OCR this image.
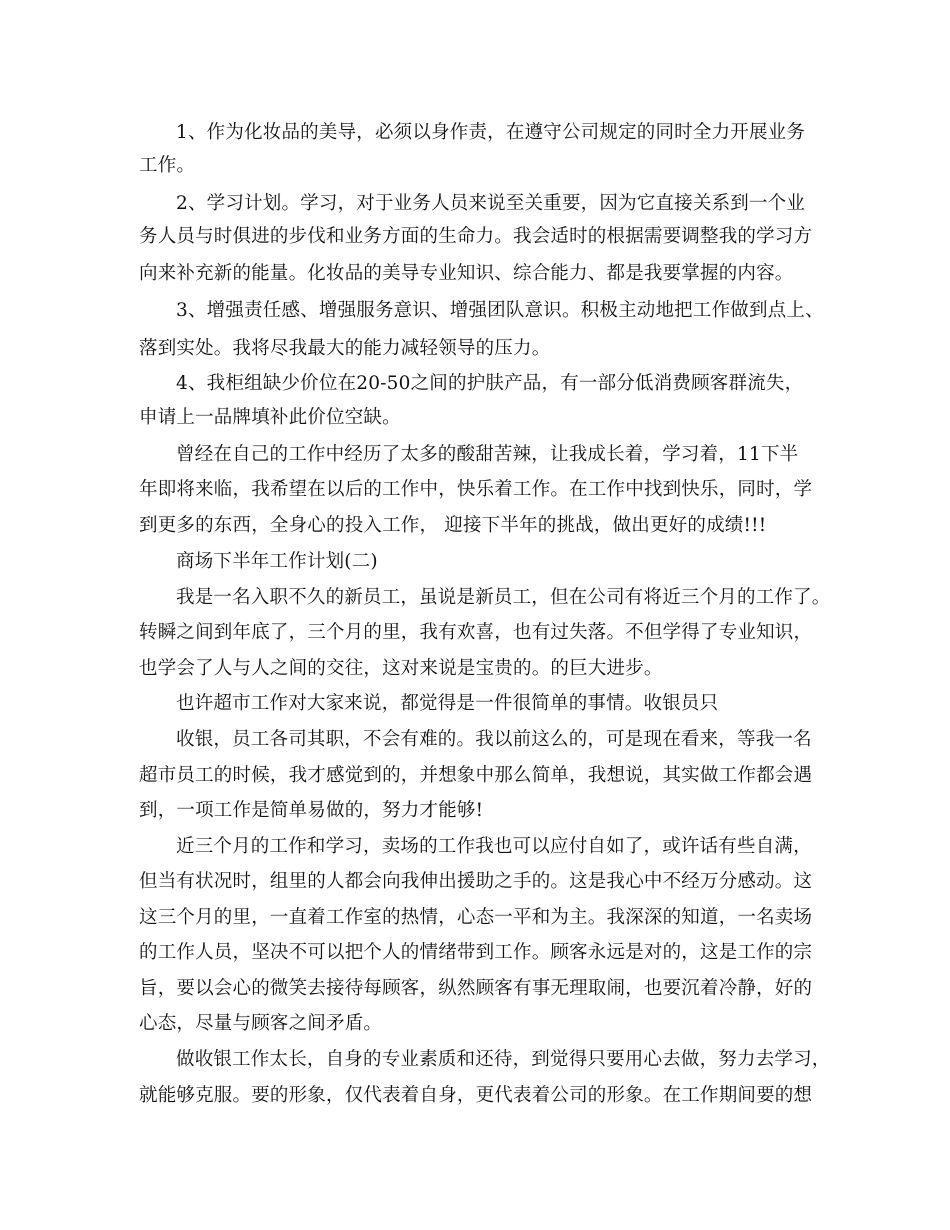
1、作为化妆品的美导，必须以身作责，在遵守公司规定的同时全力开展业务
工作。
2、学习计划。学习，对于业务人员来说至关重要，因为它直接关系到一个业
务人员与时俱进的步伐和业务方面的生命力。我会适时的根据需要调整我的学习方
向来补充新的能量。化妆品的美导专业知识、综合能力、都是我要掌握的内容。
3、增强责任感、增强服务意识、增强团队意识。积极主动地把工作做到点上、
落到实处。我将尽我最大的能力减轻领导的压力。
4、我柜组缺少价位在20-50之间的护肤产品，有一部分低消费顾客群流失，
申请上一品牌填补此价位空缺。
曾经在自己的工作中经历了太多的酸甜苦辣，让我成长着，学习着，11下半
年即将来临，我希望在以后的工作中，快乐着工作。在工作中找到快乐，同时，学
到更多的东西，全身心的投入工作， 迎接下半年的挑战，做出更好的成绩!!!
商场下半年工作计划(二)
我是一名入职不久的新员工，虽说是新员工，但在公司有将近三个月的工作了。
转瞬之间到年底了，三个月的里，我有欢喜，也有过失落。不但学得了专业知识，
也学会了人与人之间的交往，这对来说是宝贵的。的巨大进步。
也许超市工作对大家来说，都觉得是一件很简单的事情。收银员只
收银，员工各司其职，不会有难的。我以前这么的，可是现在看来，等我一名
超市员工的时候，我才感觉到的，并想象中那么简单，我想说，其实做工作都会遇
到，一项工作是简单易做的，努力才能够!
近三个月的工作和学习，卖场的工作我也可以应付自如了，或许话有些自满，
但当有状况时，组里的人都会向我伸出援助之手的。这是我心中不经万分感动。这
这三个月的里，一直着工作室的热情，心态一平和为主。我深深的知道，一名卖场
的工作人员，坚决不可以把个人的情绪带到工作。顾客永远是对的，这是工作的宗
旨，要以会心的微笑去接待每顾客，纵然顾客有事无理取闹，也要沉着冷静，好的
心态，尽量与顾客之间矛盾。
做收银工作太长，自身的专业素质和还待，到觉得只要用心去做，努力去学习，
就能够克服。要的形象，仅代表着自身，更代表着公司的形象。在工作期间要的想
